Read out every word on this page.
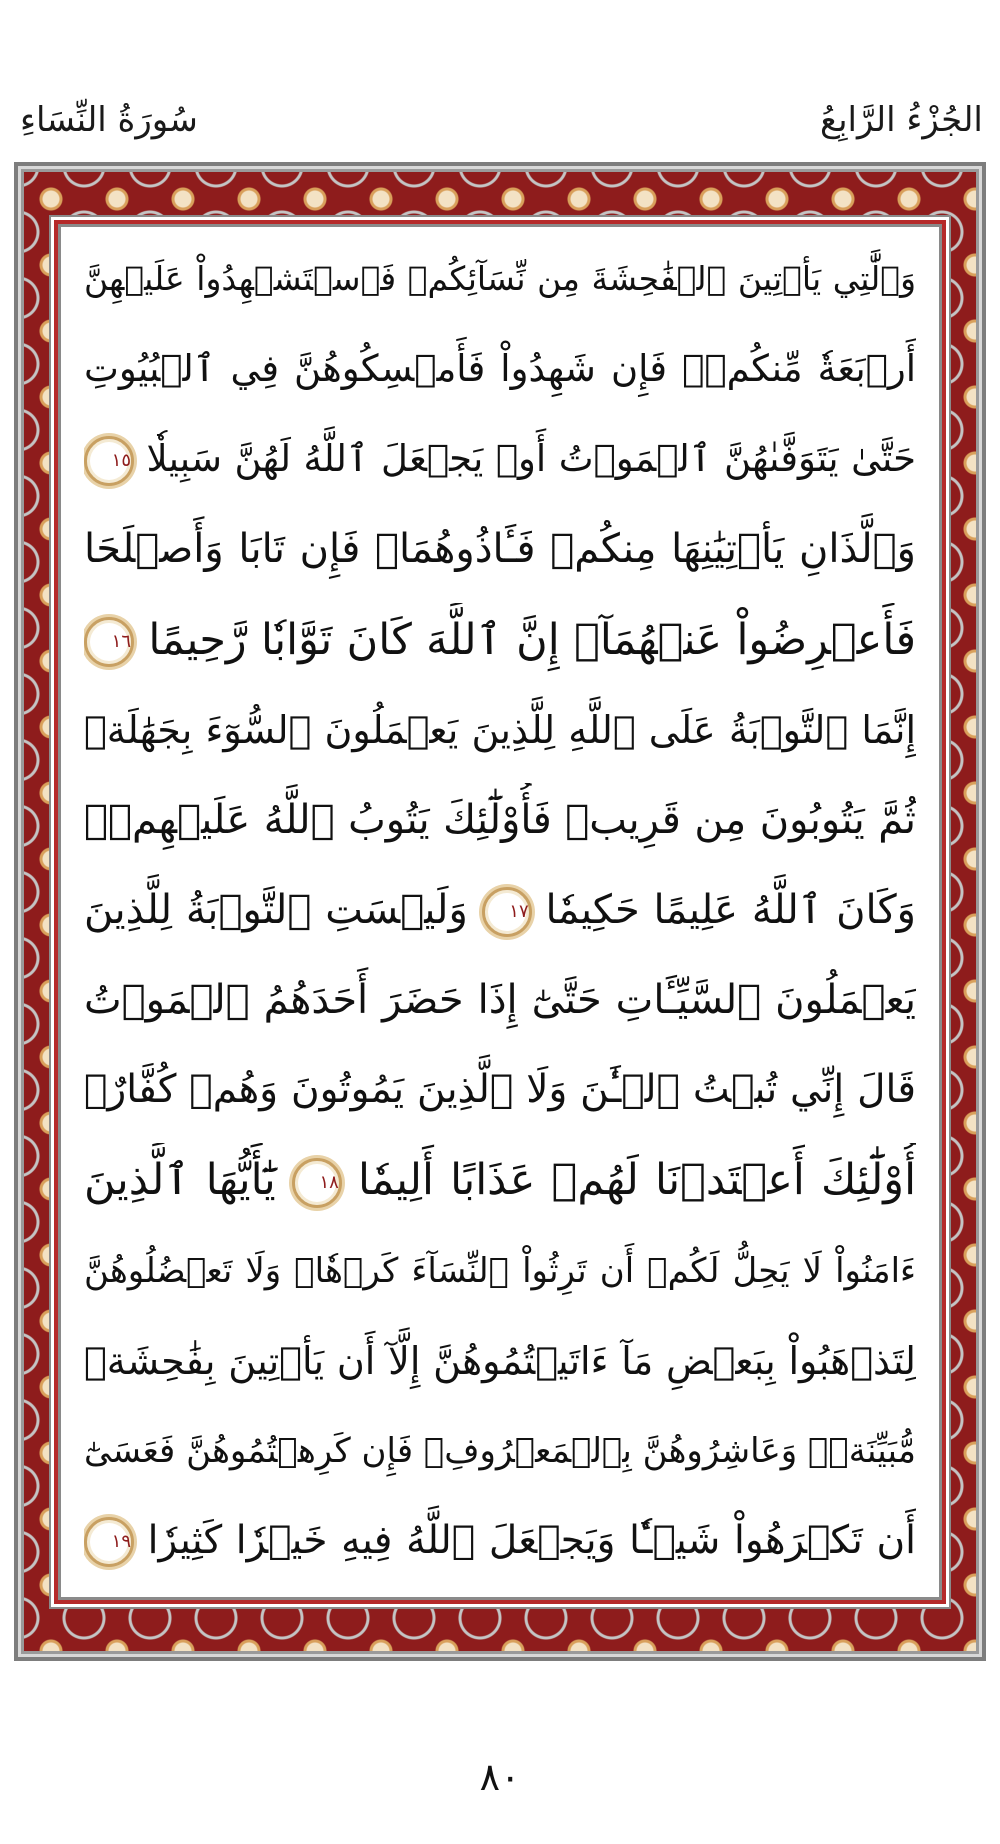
الجُزْءُ الرَّابِعُ
سُورَةُ النِّسَاءِ
وَٱلَّٰتِي يَأۡتِينَ ٱلۡفَٰحِشَةَ مِن نِّسَآئِكُمۡ فَٱسۡتَشۡهِدُواْ عَلَيۡهِنَّ
أَرۡبَعَةٗ مِّنكُمۡۖ فَإِن شَهِدُواْ فَأَمۡسِكُوهُنَّ فِي ٱلۡبُيُوتِ
حَتَّىٰ يَتَوَفَّىٰهُنَّ ٱلۡمَوۡتُ أَوۡ يَجۡعَلَ ٱللَّهُ لَهُنَّ سَبِيلٗا ١٥
وَٱلَّذَانِ يَأۡتِيَٰنِهَا مِنكُمۡ فَـَٔاذُوهُمَاۖ فَإِن تَابَا وَأَصۡلَحَا
فَأَعۡرِضُواْ عَنۡهُمَآۗ إِنَّ ٱللَّهَ كَانَ تَوَّابٗا رَّحِيمًا ١٦
إِنَّمَا ٱلتَّوۡبَةُ عَلَى ٱللَّهِ لِلَّذِينَ يَعۡمَلُونَ ٱلسُّوٓءَ بِجَهَٰلَةٖ
ثُمَّ يَتُوبُونَ مِن قَرِيبٖ فَأُوْلَٰٓئِكَ يَتُوبُ ٱللَّهُ عَلَيۡهِمۡۗ
وَكَانَ ٱللَّهُ عَلِيمًا حَكِيمٗا ١٧ وَلَيۡسَتِ ٱلتَّوۡبَةُ لِلَّذِينَ
يَعۡمَلُونَ ٱلسَّيِّـَٔاتِ حَتَّىٰٓ إِذَا حَضَرَ أَحَدَهُمُ ٱلۡمَوۡتُ
قَالَ إِنِّي تُبۡتُ ٱلۡـَٰٔنَ وَلَا ٱلَّذِينَ يَمُوتُونَ وَهُمۡ كُفَّارٌۚ
أُوْلَٰٓئِكَ أَعۡتَدۡنَا لَهُمۡ عَذَابًا أَلِيمٗا ١٨ يَٰٓأَيُّهَا ٱلَّذِينَ
ءَامَنُواْ لَا يَحِلُّ لَكُمۡ أَن تَرِثُواْ ٱلنِّسَآءَ كَرۡهٗاۖ وَلَا تَعۡضُلُوهُنَّ
لِتَذۡهَبُواْ بِبَعۡضِ مَآ ءَاتَيۡتُمُوهُنَّ إِلَّآ أَن يَأۡتِينَ بِفَٰحِشَةٖ
مُّبَيِّنَةٖۚ وَعَاشِرُوهُنَّ بِٱلۡمَعۡرُوفِۚ فَإِن كَرِهۡتُمُوهُنَّ فَعَسَىٰٓ
أَن تَكۡرَهُواْ شَيۡـٔٗا وَيَجۡعَلَ ٱللَّهُ فِيهِ خَيۡرٗا كَثِيرٗا ١٩
٨٠
